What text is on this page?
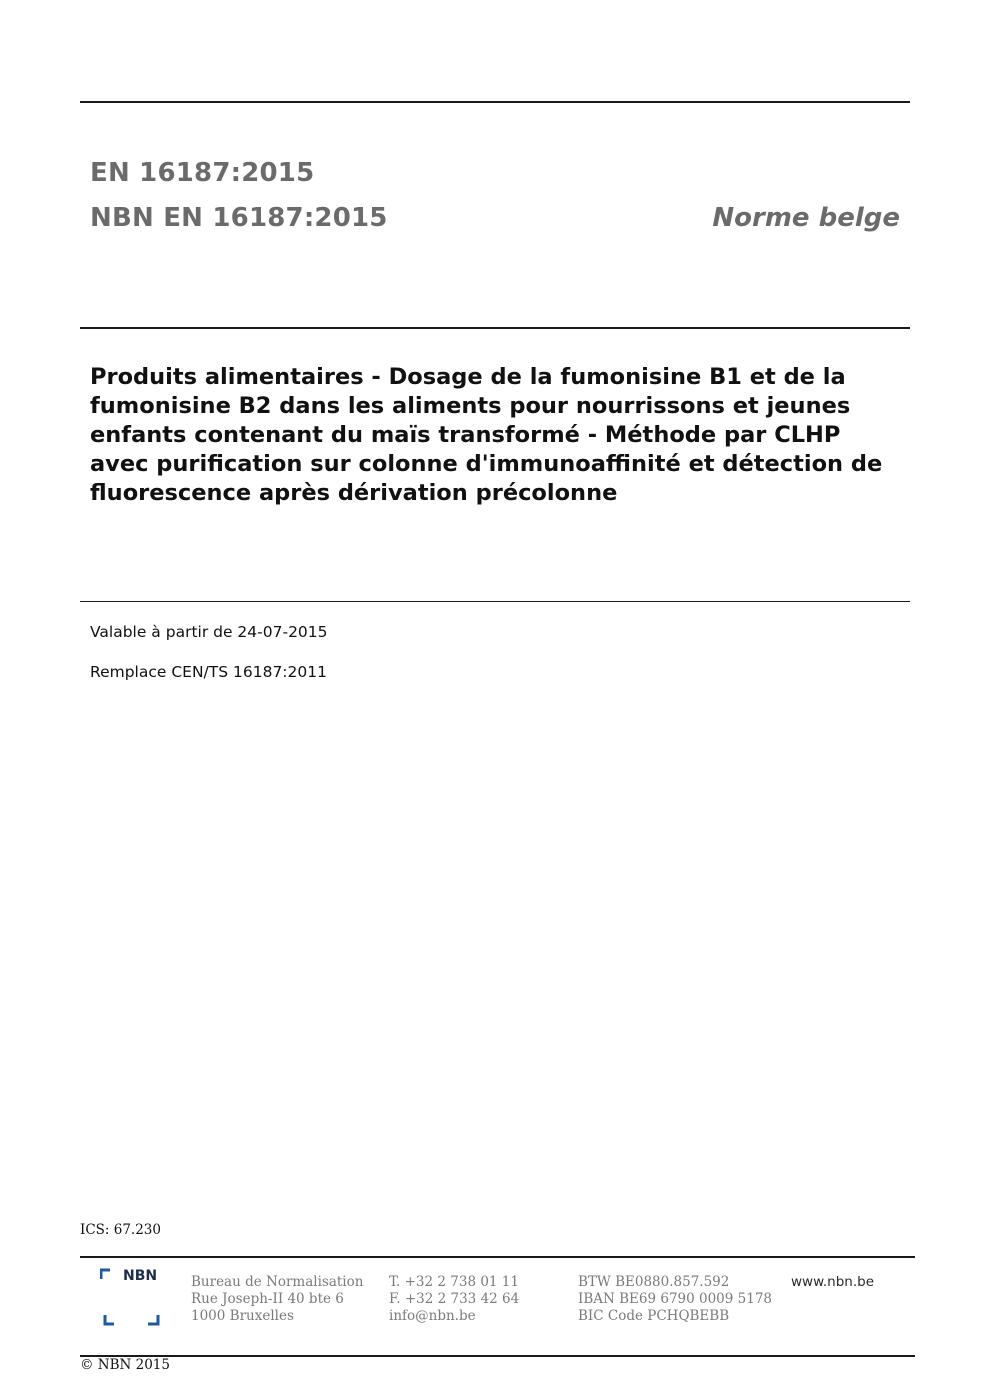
EN 16187:2015
NBN EN 16187:2015	Norme belge
Produits alimentaires - Dosage de la fumonisine B1 et de la fumonisine B2 dans les aliments pour nourrissons et jeunes enfants contenant du maïs transformé - Méthode par CLHP avec purification sur colonne d'immunoaffinité et détection de fluorescence après dérivation précolonne
Valable à partir de 24-07-2015
Remplace CEN/TS 16187:2011
ICS: 67.230
NBN	Bureau de Normalisation
Rue Joseph-II 40 bte 6
1000 Bruxelles
T. +32 2 738 01 11
F. +32 2 733 42 64
info@nbn.be
BTW BE0880.857.592
IBAN BE69 6790 0009 5178
BIC Code PCHQBEBB
www.nbn.be
© NBN 2015
